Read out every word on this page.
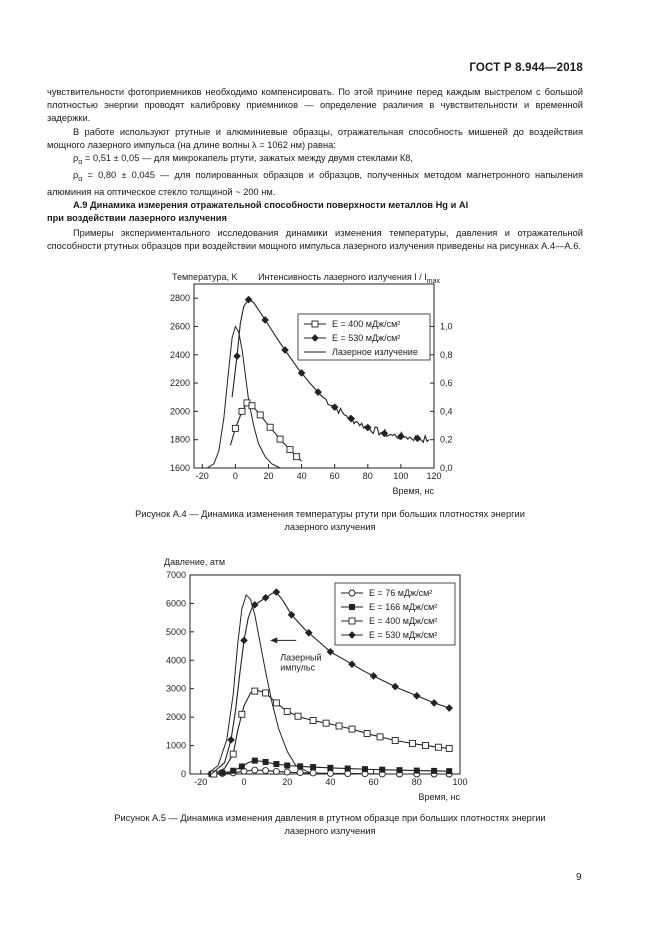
ГОСТ Р 8.944—2018

чувствительности фотоприемников необходимо компенсировать. По этой причине перед каждым выстрелом с большой плотностью энергии проводят калибровку приемников — определение различия в чувствительности и временной задержки.

В работе используют ртутные и алюминиевые образцы, отражательная способность мишеней до воздействия мощного лазерного импульса (на длине волны λ = 1062 нм) равна:

$\rho_\alpha = 0,51 \pm 0,05$ — для микрокапель ртути, зажатых между двумя стеклами К8,

$\rho_\alpha = 0,80 \pm 0,045$ — для полированных образцов и образцов, полученных методом магнетронного напыления алюминия на оптическое стекло толщиной ~ 200 нм.

А.9 Динамика измерения отражательной способности поверхности металлов Hg и Al

при воздействии лазерного излучения

Примеры экспериментального исследования динамики изменения температуры, давления и отражательной способности ртутных образцов при воздействии мощного импульса лазерного излучения приведены на рисунках А.4—А.6.

Температура, K Интенсивность лазерного излучения I / $I_{max}$
Время, нс
-20	0	20	40	60	80 100 120
1600
1800
2000
2200
2400
2600
2800
0,0
0,2
0,4
0,6
0,8
1,0
E = 400 мДж/см²
E = 530 мДж/см²
Лазерное излучение
Рисунок А.4 — Динамика изменения температуры ртути при больших плотностях энергии
лазерного излучения
Давление, атм
Время, нс
-20	0	20	40	60	80	100
0
1000
2000
3000
4000
5000
6000
7000
Лазерный
импульс
E = 76 мДж/см²
E = 166 мДж/см²
E = 400 мДж/см²
E = 530 мДж/см²
Рисунок А.5 — Динамика изменения давления в ртутном образце при больших плотностях энергии
лазерного излучения
9
